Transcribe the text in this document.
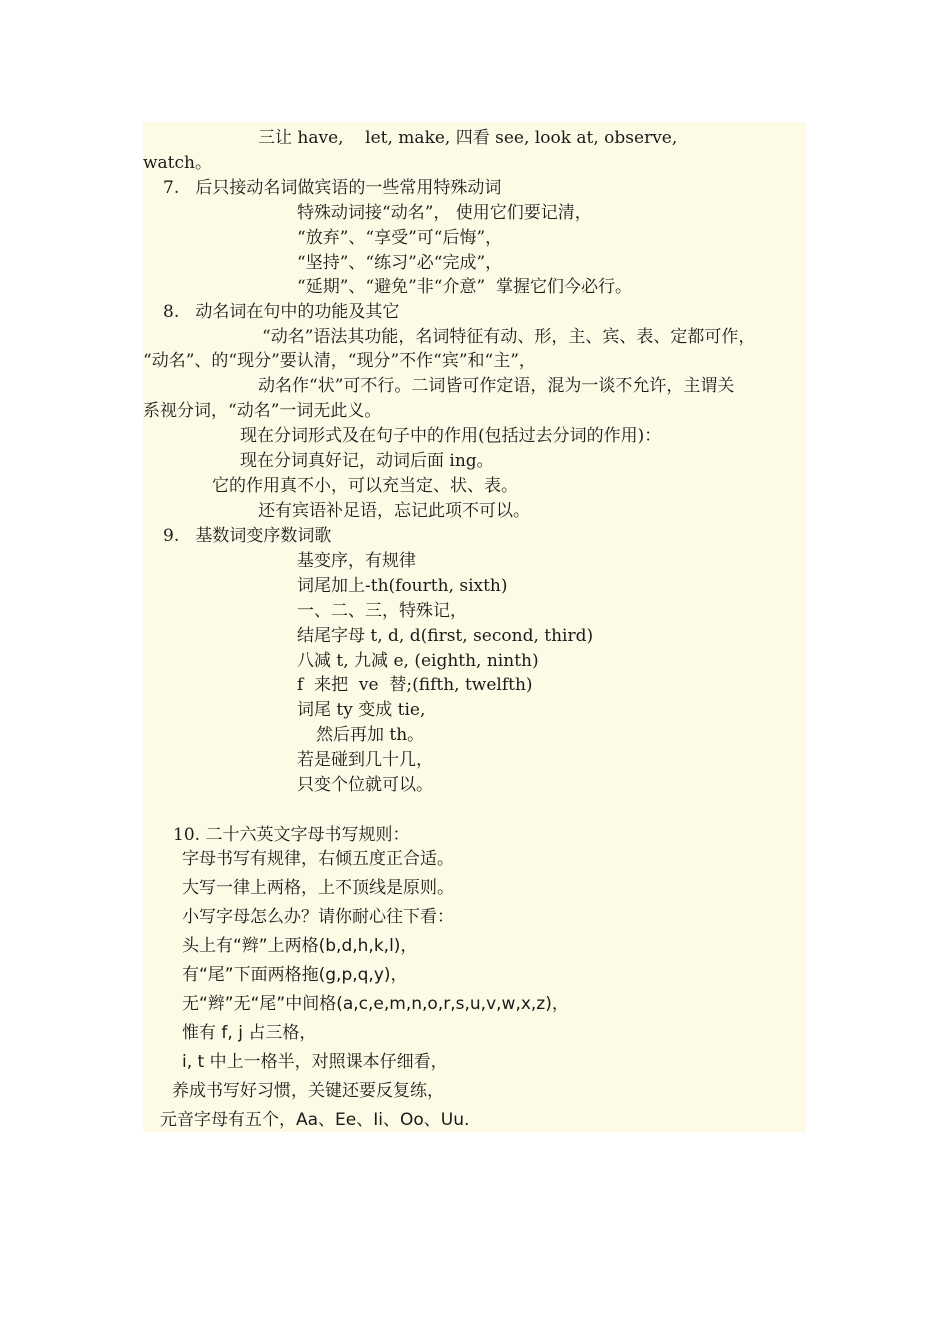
三让 have,    let, make, 四看 see, look at, observe,
watch。
7.   后只接动名词做宾语的一些常用特殊动词
特殊动词接“动名”， 使用它们要记清，
“放弃”、“享受”可“后悔”，
“坚持”、“练习”必“完成”，
“延期”、“避免”非“介意”  掌握它们今必行。
8.   动名词在句中的功能及其它
“动名”语法其功能，名词特征有动、形，主、宾、表、定都可作，
“动名”、的“现分”要认清，“现分”不作“宾”和“主”，
动名作“状”可不行。二词皆可作定语，混为一谈不允许，主谓关
系视分词，“动名”一词无此义。
现在分词形式及在句子中的作用(包括过去分词的作用)：
现在分词真好记，动词后面 ing。
它的作用真不小，可以充当定、状、表。
还有宾语补足语，忘记此项不可以。
9.   基数词变序数词歌
基变序，有规律
词尾加上-th(fourth, sixth)
一、二、三，特殊记，
结尾字母 t, d, d(first, second, third)
八减 t, 九减 e, (eighth, ninth)
f  来把  ve  替;(fifth, twelfth)
词尾 ty 变成 tie,
然后再加 th。
若是碰到几十几，
只变个位就可以。
10. 二十六英文字母书写规则：
字母书写有规律，右倾五度正合适。
大写一律上两格，上不顶线是原则。
小写字母怎么办？请你耐心往下看：
头上有“辫”上两格(b,d,h,k,l)，
有“尾”下面两格拖(g,p,q,y)，
无“辫”无“尾”中间格(a,c,e,m,n,o,r,s,u,v,w,x,z)，
惟有 f, j 占三格，
i, t 中上一格半，对照课本仔细看，
养成书写好习惯，关键还要反复练，
元音字母有五个，Aa、Ee、Ii、Oo、Uu.
